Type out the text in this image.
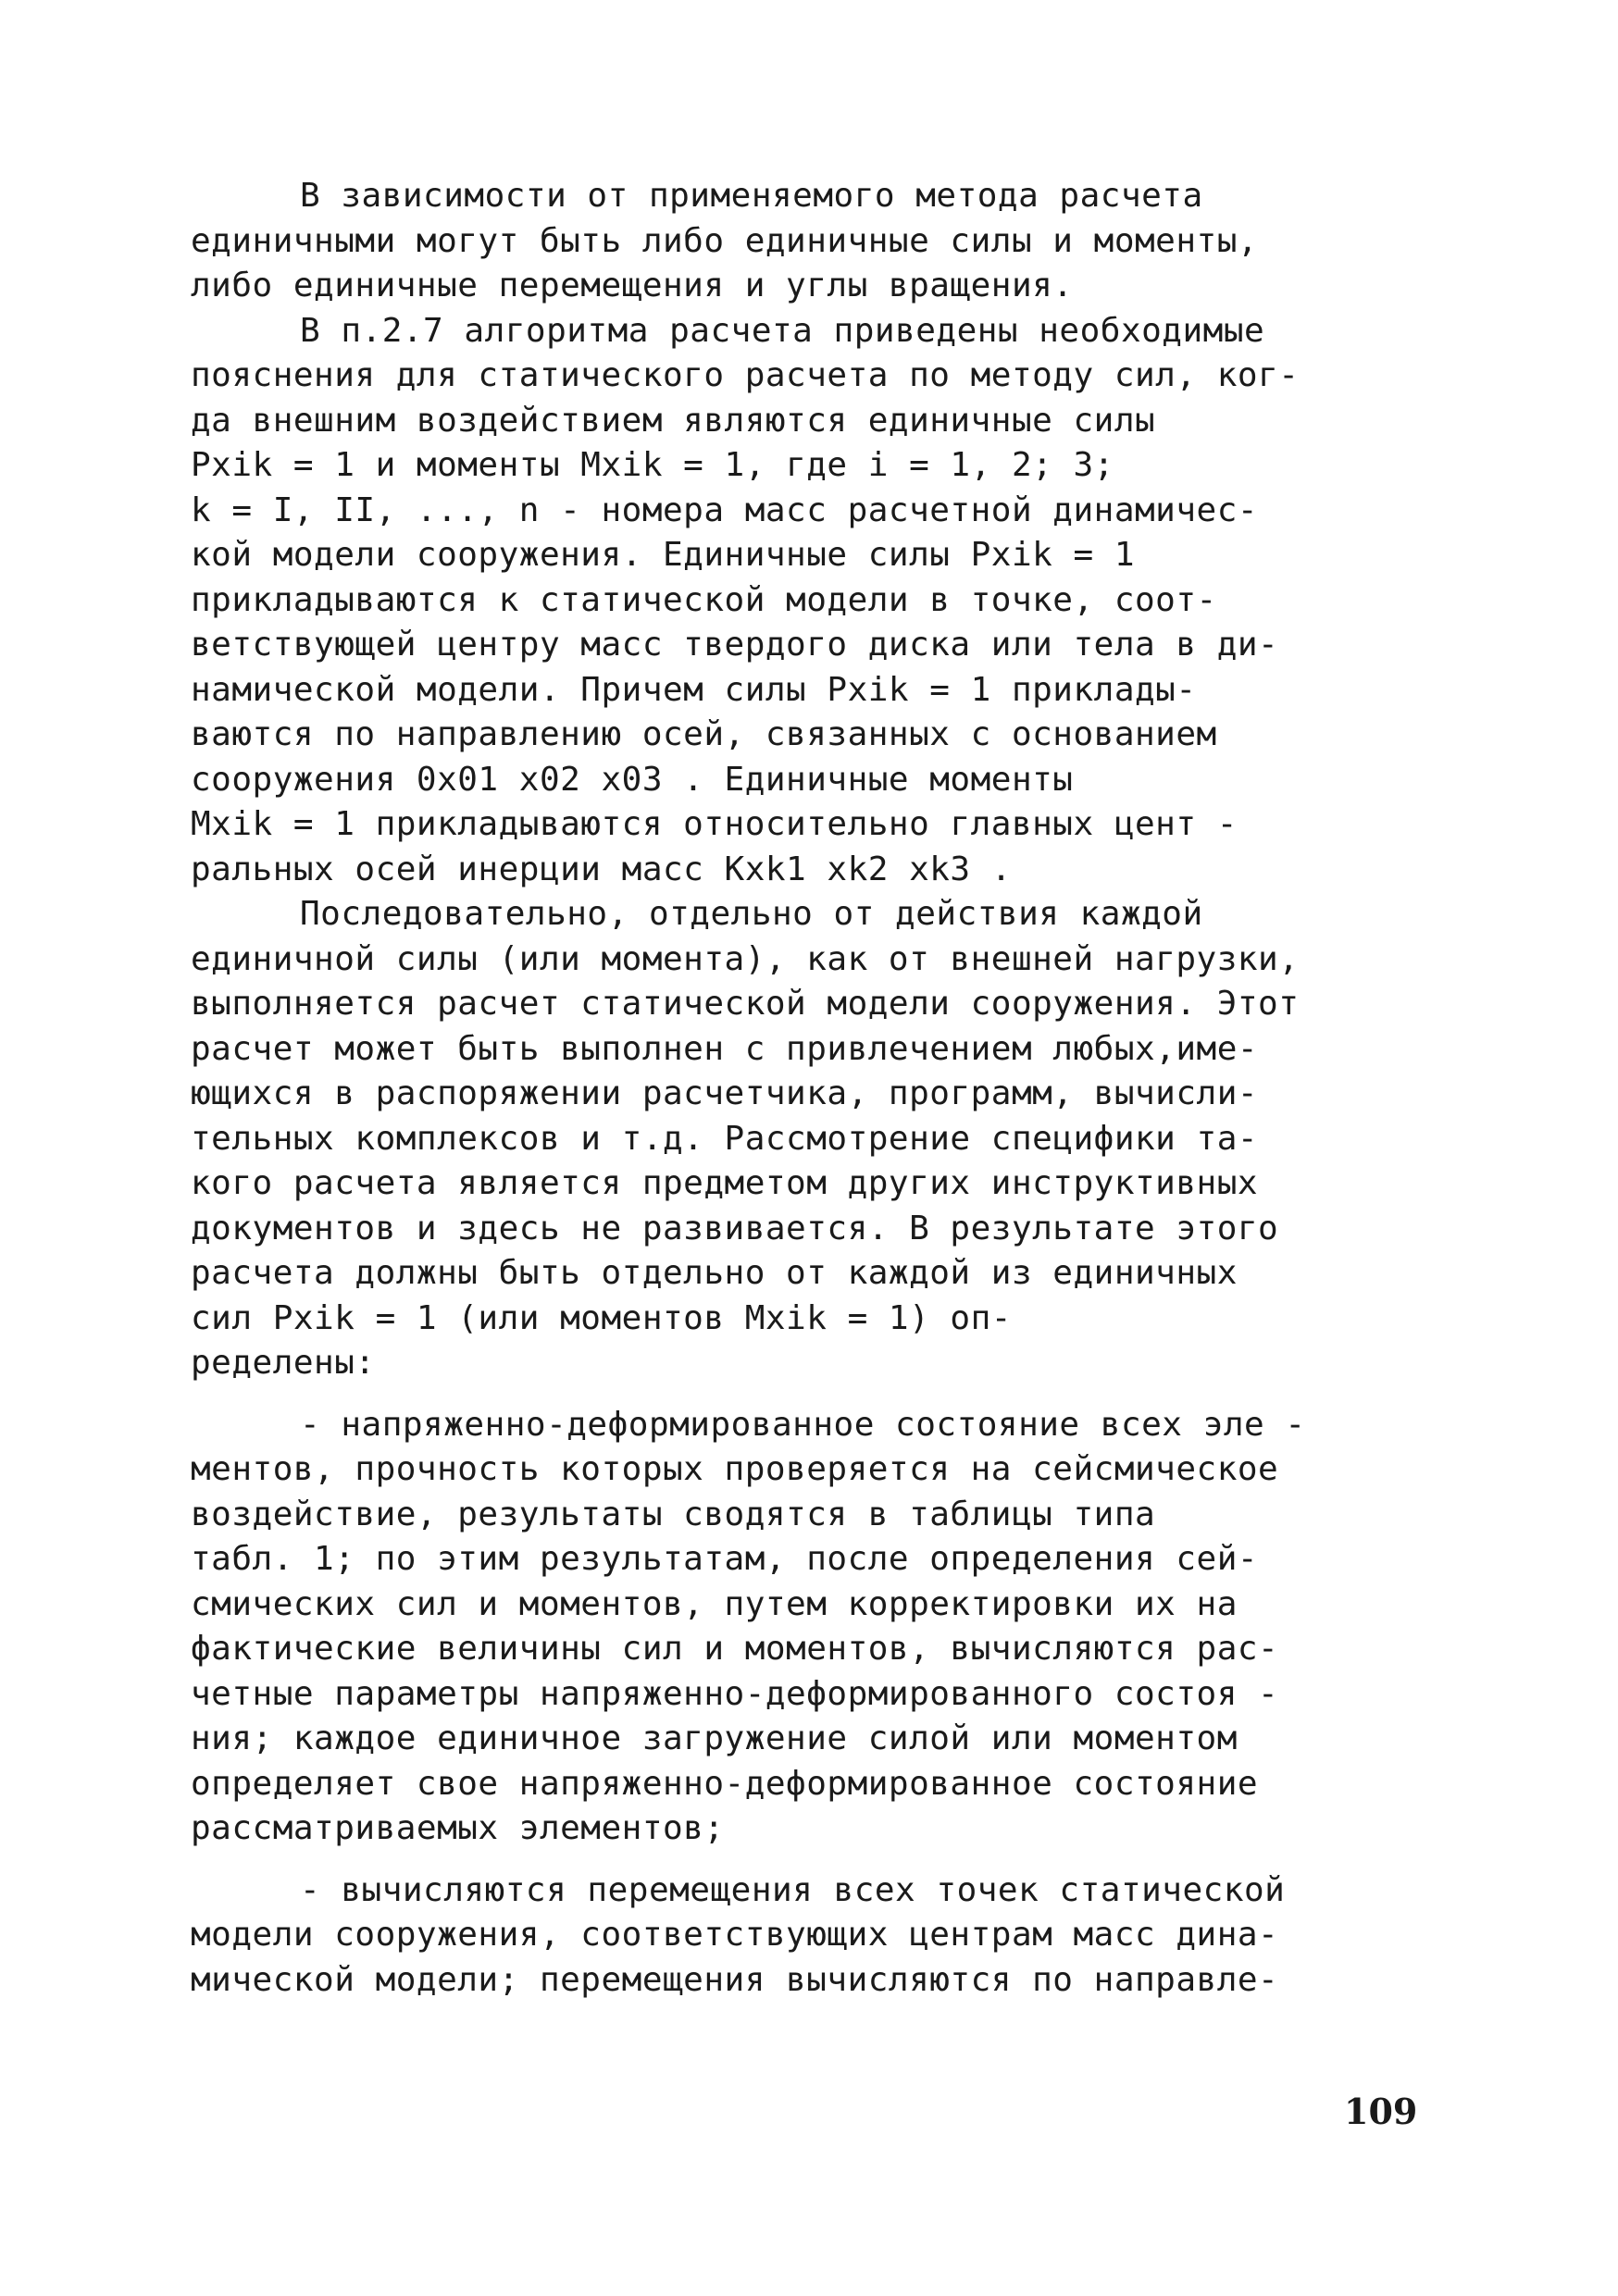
В зависимости от применяемого метода расчета
единичными могут быть либо единичные силы и моменты,
либо единичные перемещения и углы вращения.
В п.2.7 алгоритма расчета приведены необходимые
пояснения для статического расчета по методу сил, ког-
да внешним воздействием являются единичные силы
Pxik = 1 и моменты Mxik = 1, где i = 1, 2; 3;
k = I, II, ..., n - номера масс расчетной динамичес-
кой модели сооружения. Единичные силы Pxik = 1
прикладываются к статической модели в точке, соот-
ветствующей центру масс твердого диска или тела в ди-
намической модели. Причем силы Pxik = 1 приклады-
ваются по направлению осей, связанных с основанием
сооружения 0x01 x02 x03 . Единичные моменты
Mxik = 1 прикладываются относительно главных цент -
ральных осей инерции масс Kxk1 xk2 xk3 .
Последовательно, отдельно от действия каждой
единичной силы (или момента), как от внешней нагрузки,
выполняется расчет статической модели сооружения. Этот
расчет может быть выполнен с привлечением любых,име-
ющихся в распоряжении расчетчика, программ, вычисли-
тельных комплексов и т.д. Рассмотрение специфики та-
кого расчета является предметом других инструктивных
документов и здесь не развивается. В результате этого
расчета должны быть отдельно от каждой из единичных
сил Pxik = 1 (или моментов Mxik = 1) оп-
ределены:
- напряженно-деформированное состояние всех эле -
ментов, прочность которых проверяется на сейсмическое
воздействие, результаты сводятся в таблицы типа
табл. 1; по этим результатам, после определения сей-
смических сил и моментов, путем корректировки их на
фактические величины сил и моментов, вычисляются рас-
четные параметры напряженно-деформированного состоя -
ния; каждое единичное загружение силой или моментом
определяет свое напряженно-деформированное состояние
рассматриваемых элементов;
- вычисляются перемещения всех точек статической
модели сооружения, соответствующих центрам масс дина-
мической модели; перемещения вычисляются по направле-
109
